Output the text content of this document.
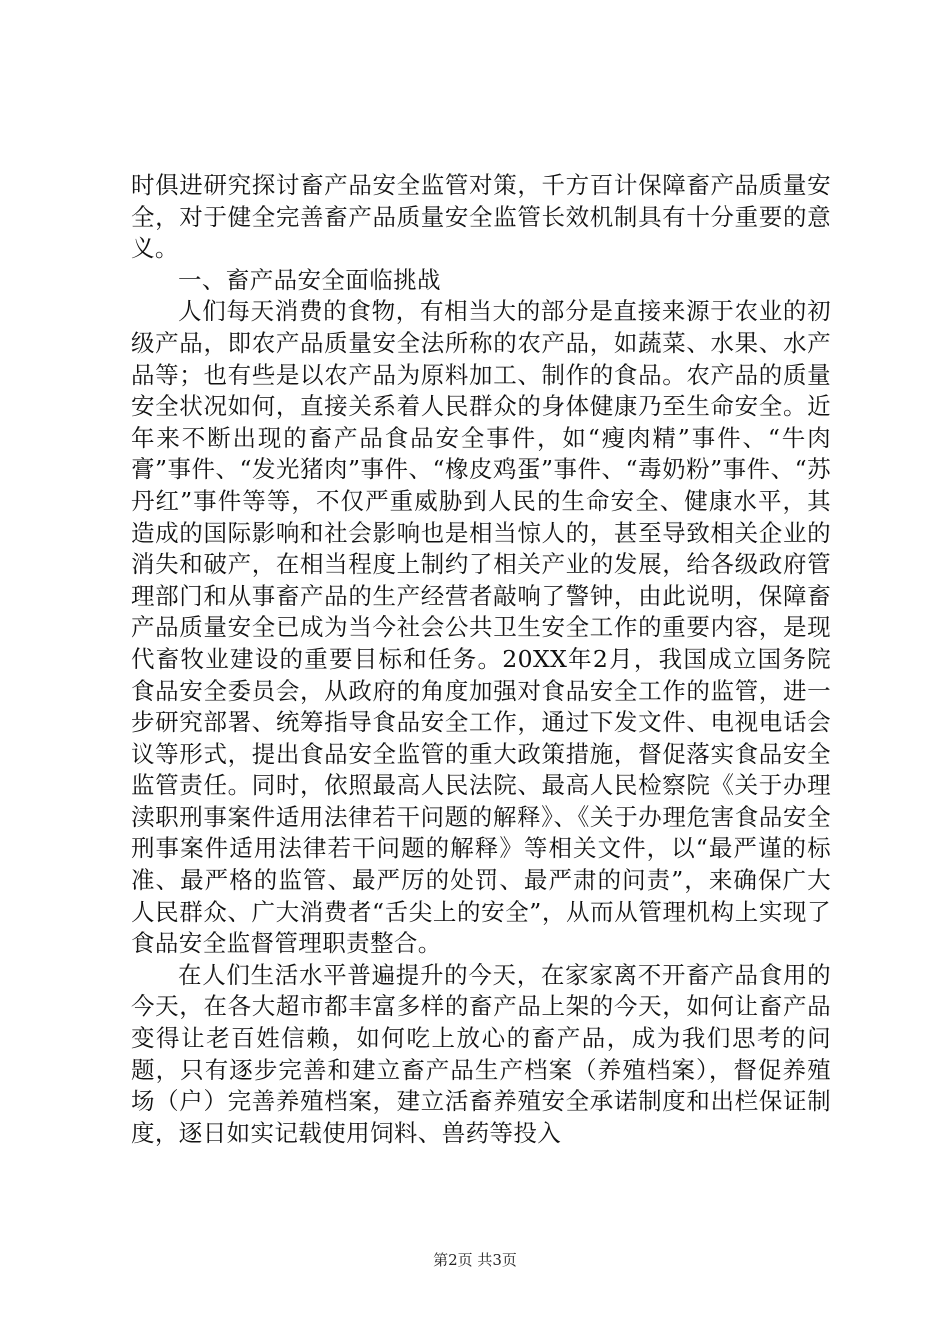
时俱进研究探讨畜产品安全监管对策，千方百计保障畜产品质量安全，对于健全完善畜产品质量安全监管长效机制具有十分重要的意义。

一、畜产品安全面临挑战

人们每天消费的食物，有相当大的部分是直接来源于农业的初级产品，即农产品质量安全法所称的农产品，如蔬菜、水果、水产品等；也有些是以农产品为原料加工、制作的食品。农产品的质量安全状况如何，直接关系着人民群众的身体健康乃至生命安全。近年来不断出现的畜产品食品安全事件，如“瘦肉精”事件、“牛肉膏”事件、“发光猪肉”事件、“橡皮鸡蛋”事件、“毒奶粉”事件、“苏丹红”事件等等，不仅严重威胁到人民的生命安全、健康水平，其造成的国际影响和社会影响也是相当惊人的，甚至导致相关企业的消失和破产，在相当程度上制约了相关产业的发展，给各级政府管理部门和从事畜产品的生产经营者敲响了警钟，由此说明，保障畜产品质量安全已成为当今社会公共卫生安全工作的重要内容，是现代畜牧业建设的重要目标和任务。20XX年2月，我国成立国务院食品安全委员会，从政府的角度加强对食品安全工作的监管，进一步研究部署、统筹指导食品安全工作，通过下发文件、电视电话会议等形式，提出食品安全监管的重大政策措施，督促落实食品安全监管责任。同时，依照最高人民法院、最高人民检察院《关于办理渎职刑事案件适用法律若干问题的解释》、《关于办理危害食品安全刑事案件适用法律若干问题的解释》等相关文件，以“最严谨的标准、最严格的监管、最严厉的处罚、最严肃的问责”，来确保广大人民群众、广大消费者“舌尖上的安全”，从而从管理机构上实现了食品安全监督管理职责整合。

在人们生活水平普遍提升的今天，在家家离不开畜产品食用的今天，在各大超市都丰富多样的畜产品上架的今天，如何让畜产品变得让老百姓信赖，如何吃上放心的畜产品，成为我们思考的问题，只有逐步完善和建立畜产品生产档案（养殖档案），督促养殖场（户）完善养殖档案，建立活畜养殖安全承诺制度和出栏保证制度，逐日如实记载使用饲料、兽药等投入

第2页 共3页
